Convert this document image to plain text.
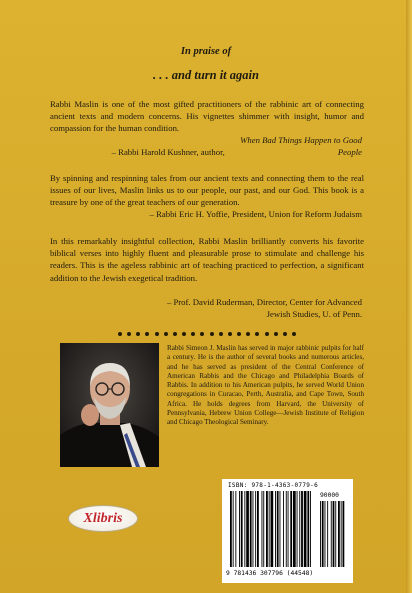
In praise of
. . . and turn it again
Rabbi Maslin is one of the most gifted practitioners of the rabbinic art of connecting ancient texts and modern concerns. His vignettes shimmer with insight, humor and compassion for the human condition.
– Rabbi Harold Kushner, author, When Bad Things Happen to Good People
By spinning and respinning tales from our ancient texts and connecting them to the real issues of our lives, Maslin links us to our people, our past, and our God. This book is a treasure by one of the great teachers of our generation.
– Rabbi Eric H. Yoffie, President, Union for Reform Judaism
In this remarkably insightful collection, Rabbi Maslin brilliantly converts his favorite biblical verses into highly fluent and pleasurable prose to stimulate and challenge his readers. This is the ageless rabbinic art of teaching practiced to perfection, a significant addition to the Jewish exegetical tradition.
– Prof. David Ruderman, Director, Center for Advanced
Jewish Studies, U. of Penn.
Rabbi Simeon J. Maslin has served in major rabbinic pulpits for half a century. He is the author of several books and numerous articles, and he has served as president of the Central Conference of American Rabbis and the Chicago and Philadelphia Boards of Rabbis. In addition to his American pulpits, he served World Union congregations in Curacao, Perth, Australia, and Cape Town, South Africa. He holds degrees from Harvard, the University of Pennsylvania, Hebrew Union College—Jewish Institute of Religion and Chicago Theological Seminary.
Xlibris
ISBN: 978-1-4363-0779-6
90000
9 781436 307796 (44548)
